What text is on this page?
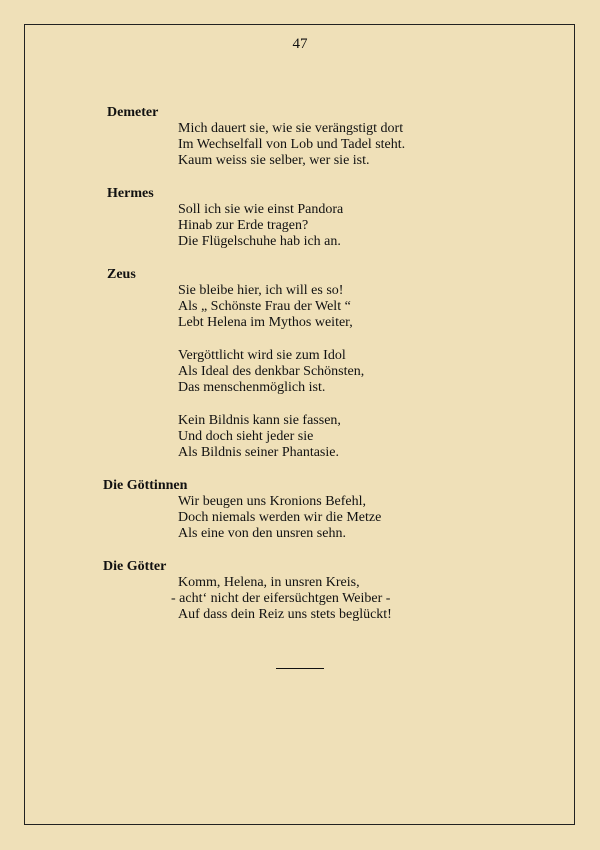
47
Demeter
Mich dauert sie, wie sie verängstigt dort
Im Wechselfall von Lob und Tadel steht.
Kaum weiss sie selber, wer sie ist.
Hermes
Soll ich sie wie einst Pandora
Hinab zur Erde tragen?
Die Flügelschuhe hab ich an.
Zeus
Sie bleibe hier, ich will es so!
Als „ Schönste Frau der Welt “
Lebt Helena im Mythos weiter,
Vergöttlicht wird sie zum Idol
Als Ideal des denkbar Schönsten,
Das menschenmöglich ist.
Kein Bildnis kann sie fassen,
Und doch sieht jeder sie
Als Bildnis seiner Phantasie.
Die Göttinnen
Wir beugen uns Kronions Befehl,
Doch niemals werden wir die Metze
Als eine von den unsren sehn.
Die Götter
Komm, Helena, in unsren Kreis,
- acht‘ nicht der eifersüchtgen Weiber -
Auf dass dein Reiz uns stets beglückt!
